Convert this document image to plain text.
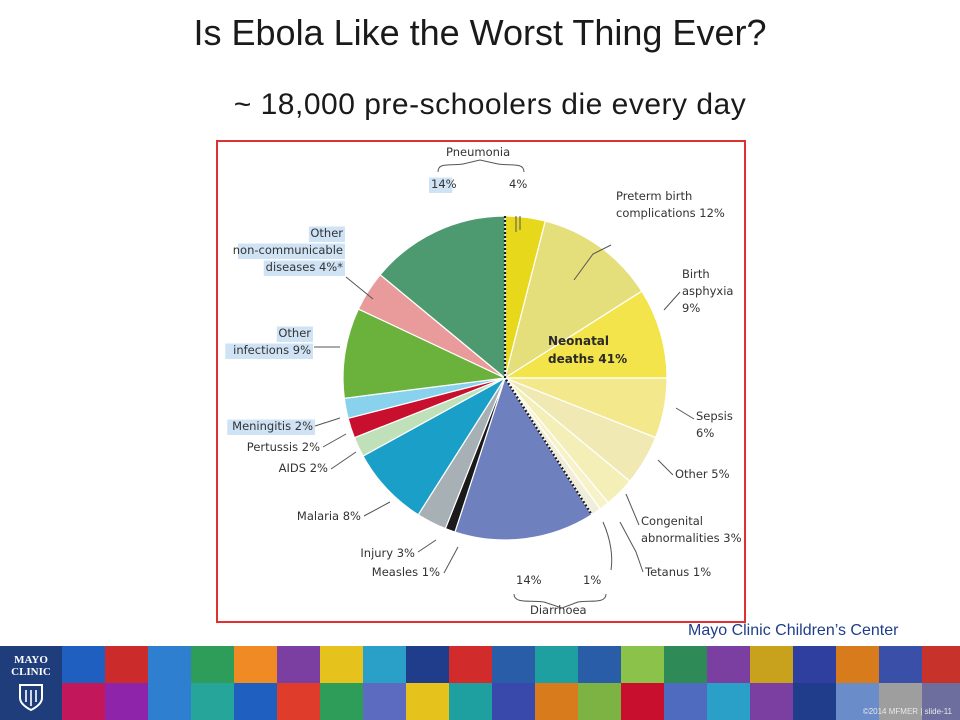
Is Ebola Like the Worst Thing Ever?
~ 18,000 pre-schoolers die every day
Neonatal deaths 41%
Pneumonia
14%	4%
Preterm birth
complications 12%
Birth
asphyxia
9%
Sepsis
6%
Other 5%
Congenital
abnormalities 3%
Tetanus 1%
1%
14%
Diarrhoea
Measles 1%
Injury 3%
Malaria 8%
AIDS 2%
Pertussis 2%
Meningitis 2%
Other
infections 9%
Other
non-communicable
diseases 4%*
Mayo Clinic Children’s Center
MAYO
CLINIC
©2014 MFMER | slide-11
